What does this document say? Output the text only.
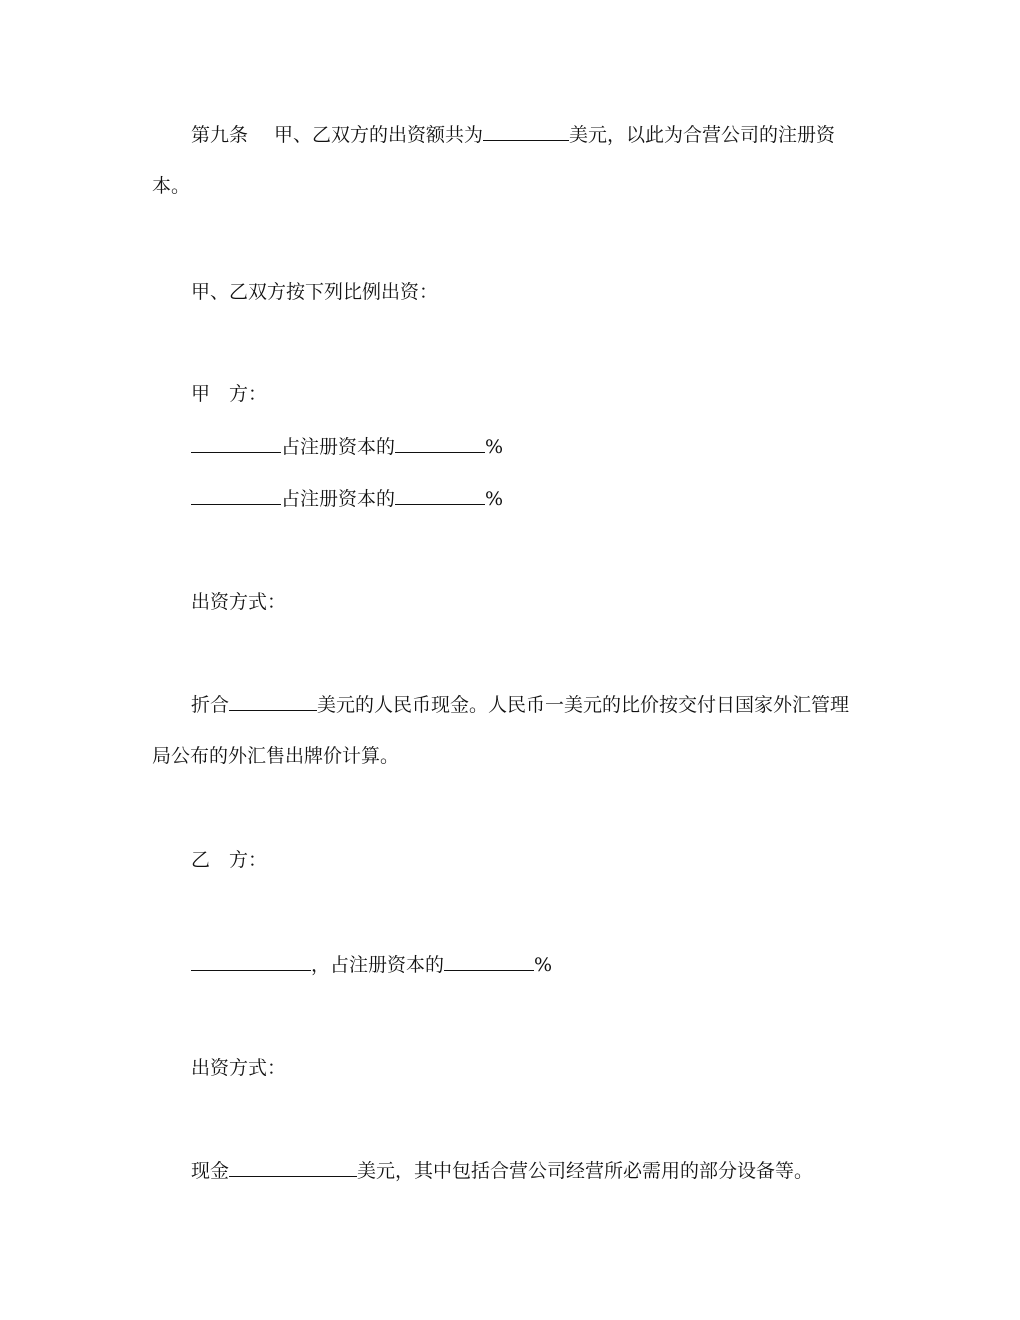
第九条 甲、乙双方的出资额共为	美元，以此为合营公司的注册资
本。
甲、乙双方按下列比例出资：
甲　方：
占注册资本的	%
占注册资本的	%
出资方式：
折合	美元的人民币现金。人民币一美元的比价按交付日国家外汇管理
局公布的外汇售出牌价计算。
乙　方：
，占注册资本的	%
出资方式：
现金	美元，其中包括合营公司经营所必需用的部分设备等。
